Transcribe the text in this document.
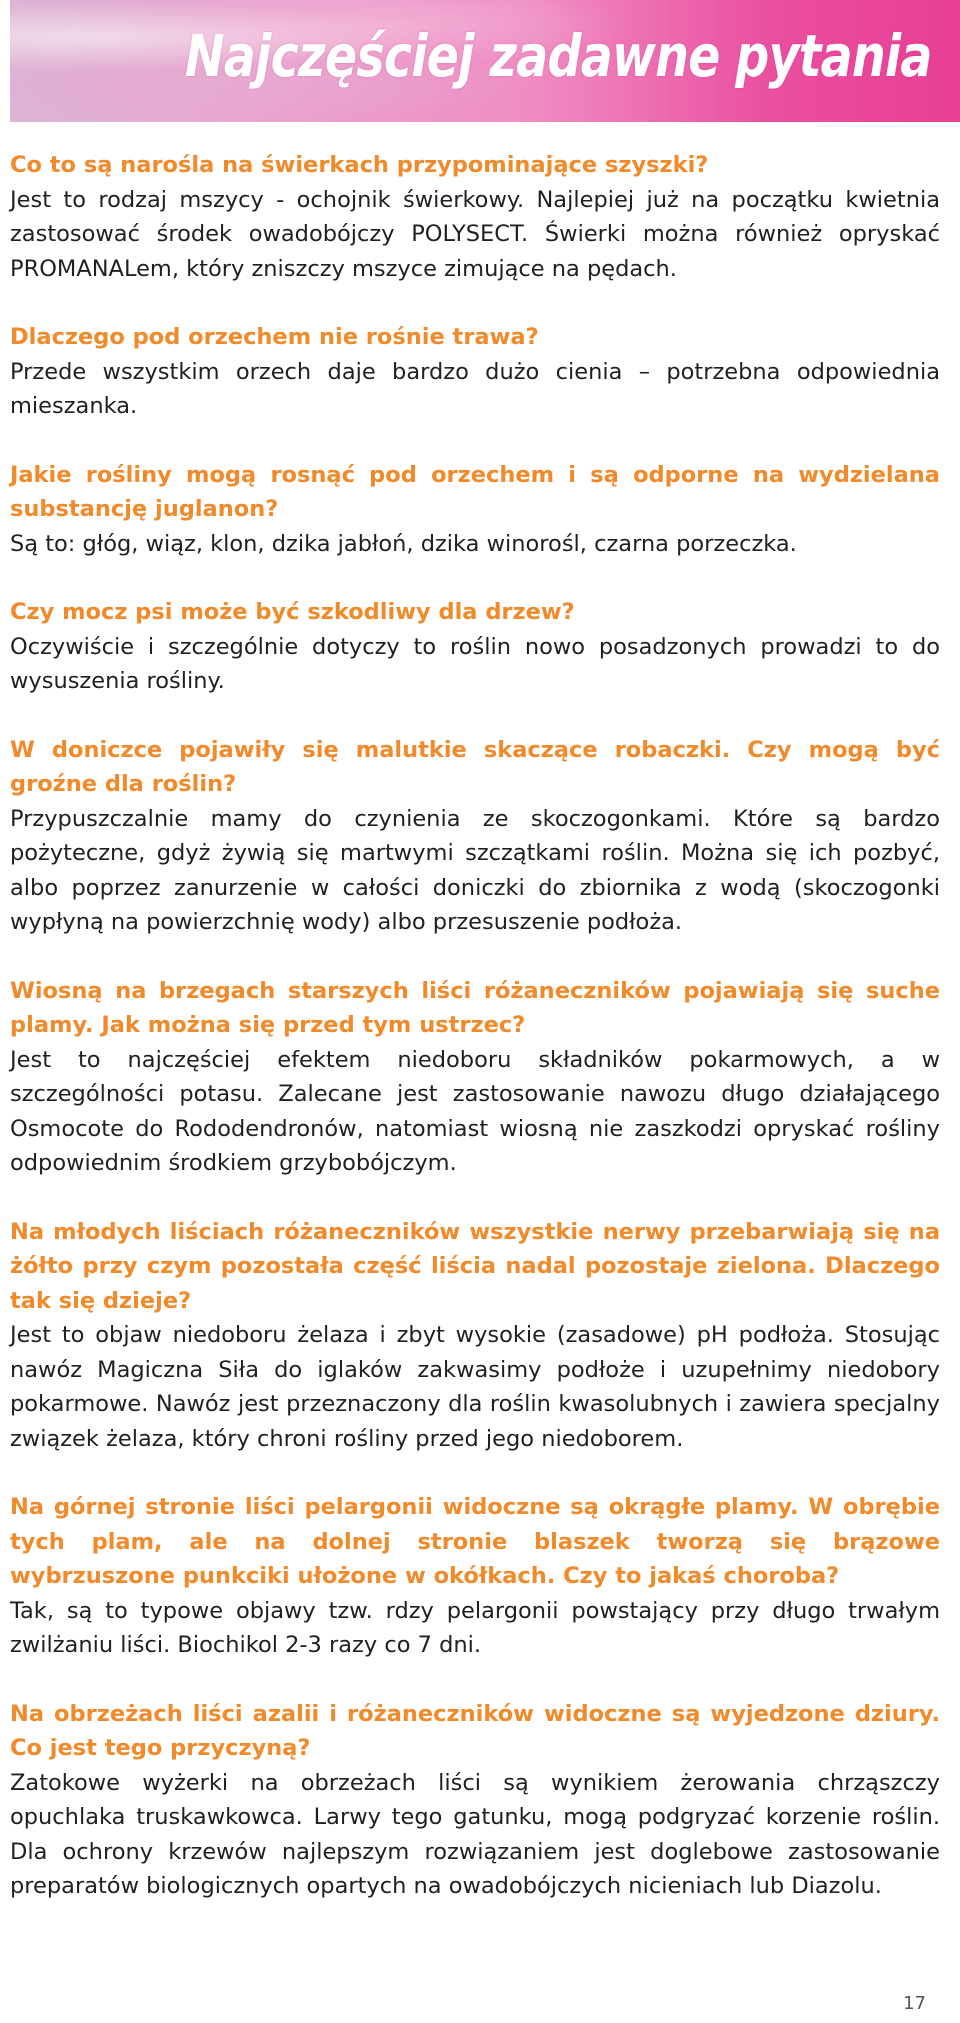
Najczęściej zadawne pytania
Co to są narośla na świerkach przypominające szyszki?
Jest to rodzaj mszycy - ochojnik świerkowy. Najlepiej już na początku kwietnia zastosować środek owadobójczy POLYSECT. Świerki można również opryskać PROMANALem, który zniszczy mszyce zimujące na pędach.
Dlaczego pod orzechem nie rośnie trawa?
Przede wszystkim orzech daje bardzo dużo cienia – potrzebna odpowiednia mieszanka.
Jakie rośliny mogą rosnąć pod orzechem i są odporne na wydzielana substancję juglanon?
Są to: głóg, wiąz, klon, dzika jabłoń, dzika winorośl, czarna porzeczka.
Czy mocz psi może być szkodliwy dla drzew?
Oczywiście i szczególnie dotyczy to roślin nowo posadzonych prowadzi to do wysuszenia rośliny.
W doniczce pojawiły się malutkie skaczące robaczki. Czy mogą być groźne dla roślin?
Przypuszczalnie mamy do czynienia ze skoczogonkami. Które są bardzo pożyteczne, gdyż żywią się martwymi szczątkami roślin. Można się ich pozbyć, albo poprzez zanurzenie w całości doniczki do zbiornika z wodą (skoczogonki wypłyną na powierzchnię wody) albo przesuszenie podłoża.
Wiosną na brzegach starszych liści różaneczników pojawiają się suche plamy. Jak można się przed tym ustrzec?
Jest to najczęściej efektem niedoboru składników pokarmowych, a w szczególności potasu. Zalecane jest zastosowanie nawozu długo działającego Osmocote do Rododendronów, natomiast wiosną nie zaszkodzi opryskać rośliny odpowiednim środkiem grzybobójczym.
Na młodych liściach różaneczników wszystkie nerwy przebarwiają się na żółto przy czym pozostała część liścia nadal pozostaje zielona. Dlaczego tak się dzieje?
Jest to objaw niedoboru żelaza i zbyt wysokie (zasadowe) pH podłoża. Stosując nawóz Magiczna Siła do iglaków zakwasimy podłoże i uzupełnimy niedobory pokarmowe. Nawóz jest przeznaczony dla roślin kwasolubnych i zawiera specjalny związek żelaza, który chroni rośliny przed jego niedoborem.
Na górnej stronie liści pelargonii widoczne są okrągłe plamy. W obrębie tych plam, ale na dolnej stronie blaszek tworzą się brązowe wybrzuszone punkciki ułożone w okółkach. Czy to jakaś choroba?
Tak, są to typowe objawy tzw. rdzy pelargonii powstający przy długo trwałym zwilżaniu liści. Biochikol 2-3 razy co 7 dni.
Na obrzeżach liści azalii i różaneczników widoczne są wyjedzone dziury. Co jest tego przyczyną?
Zatokowe wyżerki na obrzeżach liści są wynikiem żerowania chrząszczy opuchlaka truskawkowca. Larwy tego gatunku, mogą podgryzać korzenie roślin. Dla ochrony krzewów najlepszym rozwiązaniem jest doglebowe zastosowanie preparatów biologicznych opartych na owadobójczych nicieniach lub Diazolu.
17
